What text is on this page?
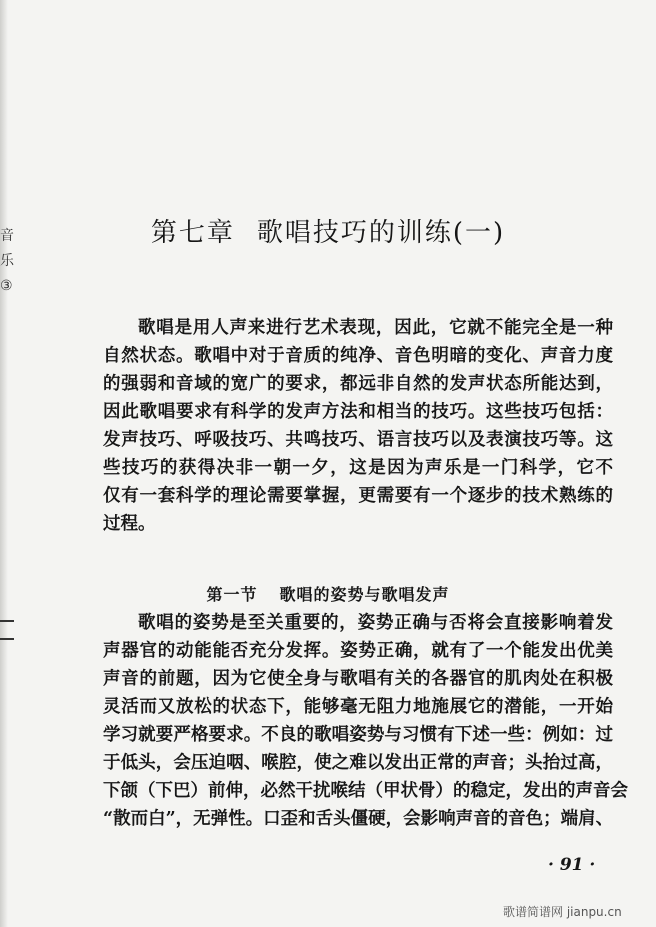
音
乐
③
第七章 歌唱技巧的训练(一)
歌唱是用人声来进行艺术表现，因此，它就不能完全是一种
自然状态。歌唱中对于音质的纯净、音色明暗的变化、声音力度
的强弱和音域的宽广的要求，都远非自然的发声状态所能达到，
因此歌唱要求有科学的发声方法和相当的技巧。这些技巧包括：
发声技巧、呼吸技巧、共鸣技巧、语言技巧以及表演技巧等。这
些技巧的获得决非一朝一夕，这是因为声乐是一门科学，它不
仅有一套科学的理论需要掌握，更需要有一个逐步的技术熟练的
过程。
第一节 歌唱的姿势与歌唱发声
歌唱的姿势是至关重要的，姿势正确与否将会直接影响着发
声器官的动能能否充分发挥。姿势正确，就有了一个能发出优美
声音的前题，因为它使全身与歌唱有关的各器官的肌肉处在积极
灵活而又放松的状态下，能够毫无阻力地施展它的潜能，一开始
学习就要严格要求。不良的歌唱姿势与习惯有下述一些：例如：过
于低头，会压迫咽、喉腔，使之难以发出正常的声音；头抬过高，
下颌（下巴）前伸，必然干扰喉结（甲状骨）的稳定，发出的声音会
“散而白”，无弹性。口歪和舌头僵硬，会影响声音的音色；端肩、
· 91 ·
歌谱简谱网 jianpu.cn
